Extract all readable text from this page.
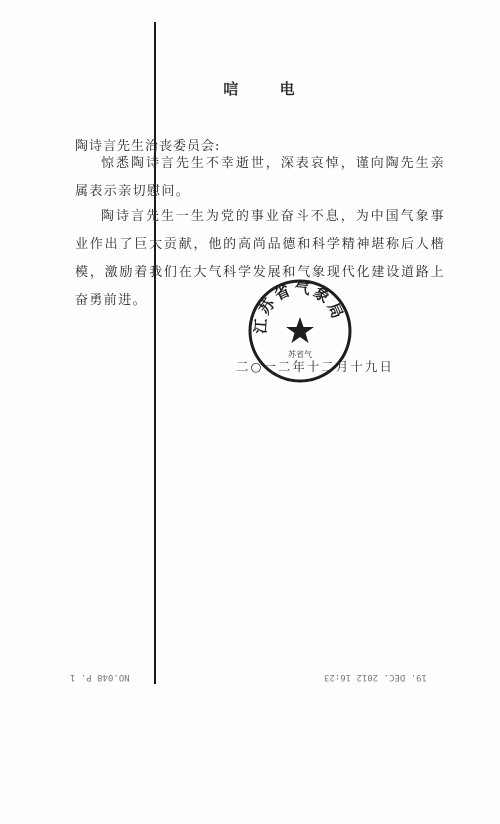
唁 电
陶诗言先生治丧委员会:
惊悉陶诗言先生不幸逝世，深表哀悼，谨向陶先生亲属表示亲切慰问。
陶诗言先生一生为党的事业奋斗不息，为中国气象事业作出了巨大贡献，他的高尚品德和科学精神堪称后人楷模，激励着我们在大气科学发展和气象现代化建设道路上奋勇前进。
江苏省气象局
苏省气
二○一二年十二月十九日
NO.048 P. 1	19. DEC. 2012 16:23
